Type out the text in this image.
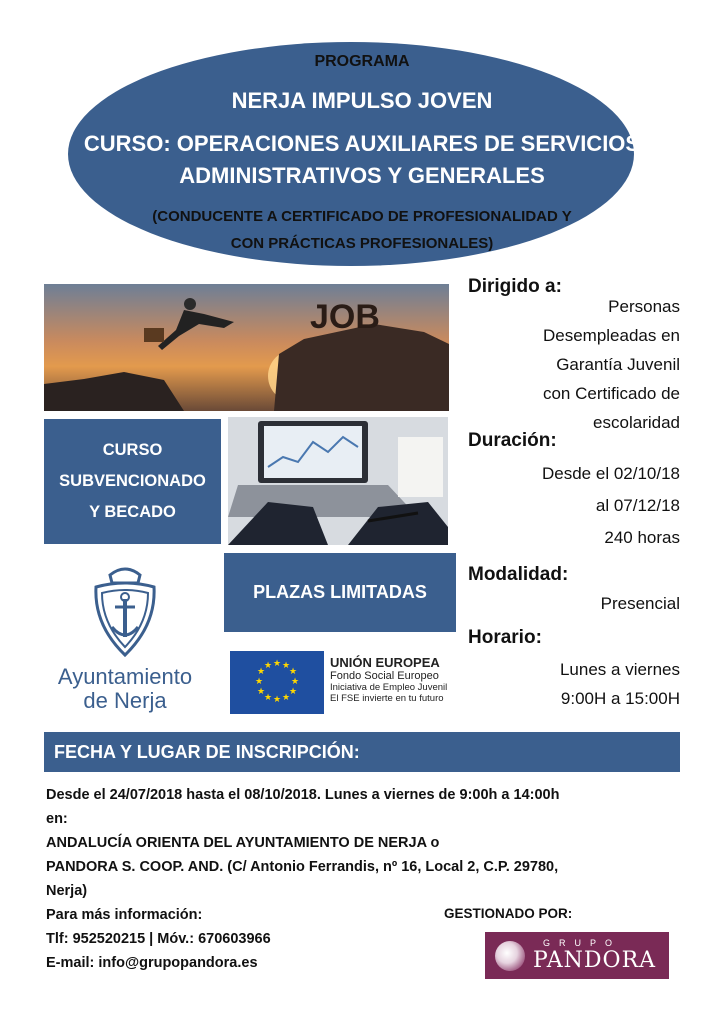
PROGRAMA
NERJA IMPULSO JOVEN
CURSO: OPERACIONES AUXILIARES DE SERVICIOS
ADMINISTRATIVOS Y GENERALES
(CONDUCENTE A CERTIFICADO DE PROFESIONALIDAD Y
CON PRÁCTICAS PROFESIONALES)
JOB
CURSO
SUBVENCIONADO
Y BECADO
PLAZAS LIMITADAS
Ayuntamiento
de Nerja
★ ★
★
★
★
★
★
★
★
★
★
★	UNIÓN EUROPEA
Fondo Social Europeo
Iniciativa de Empleo Juvenil
El FSE invierte en tu futuro
Dirigido a:
Personas
Desempleadas en
Garantía Juvenil
con Certificado de
escolaridad
Duración:
Desde el 02/10/18
al 07/12/18
240 horas
Modalidad:
Presencial
Horario:
Lunes a viernes
9:00H a 15:00H
FECHA Y LUGAR DE INSCRIPCIÓN:
Desde el 24/07/2018 hasta el 08/10/2018. Lunes a viernes de 9:00h a 14:00h
en:
ANDALUCÍA ORIENTA DEL AYUNTAMIENTO DE NERJA o
PANDORA S. COOP. AND. (C/ Antonio Ferrandis, nº 16, Local 2, C.P. 29780,
Nerja)
Para más información:
Tlf: 952520215 | Móv.: 670603966
E-mail: info@grupopandora.es
GESTIONADO POR:
GRUPO
PANDORA
